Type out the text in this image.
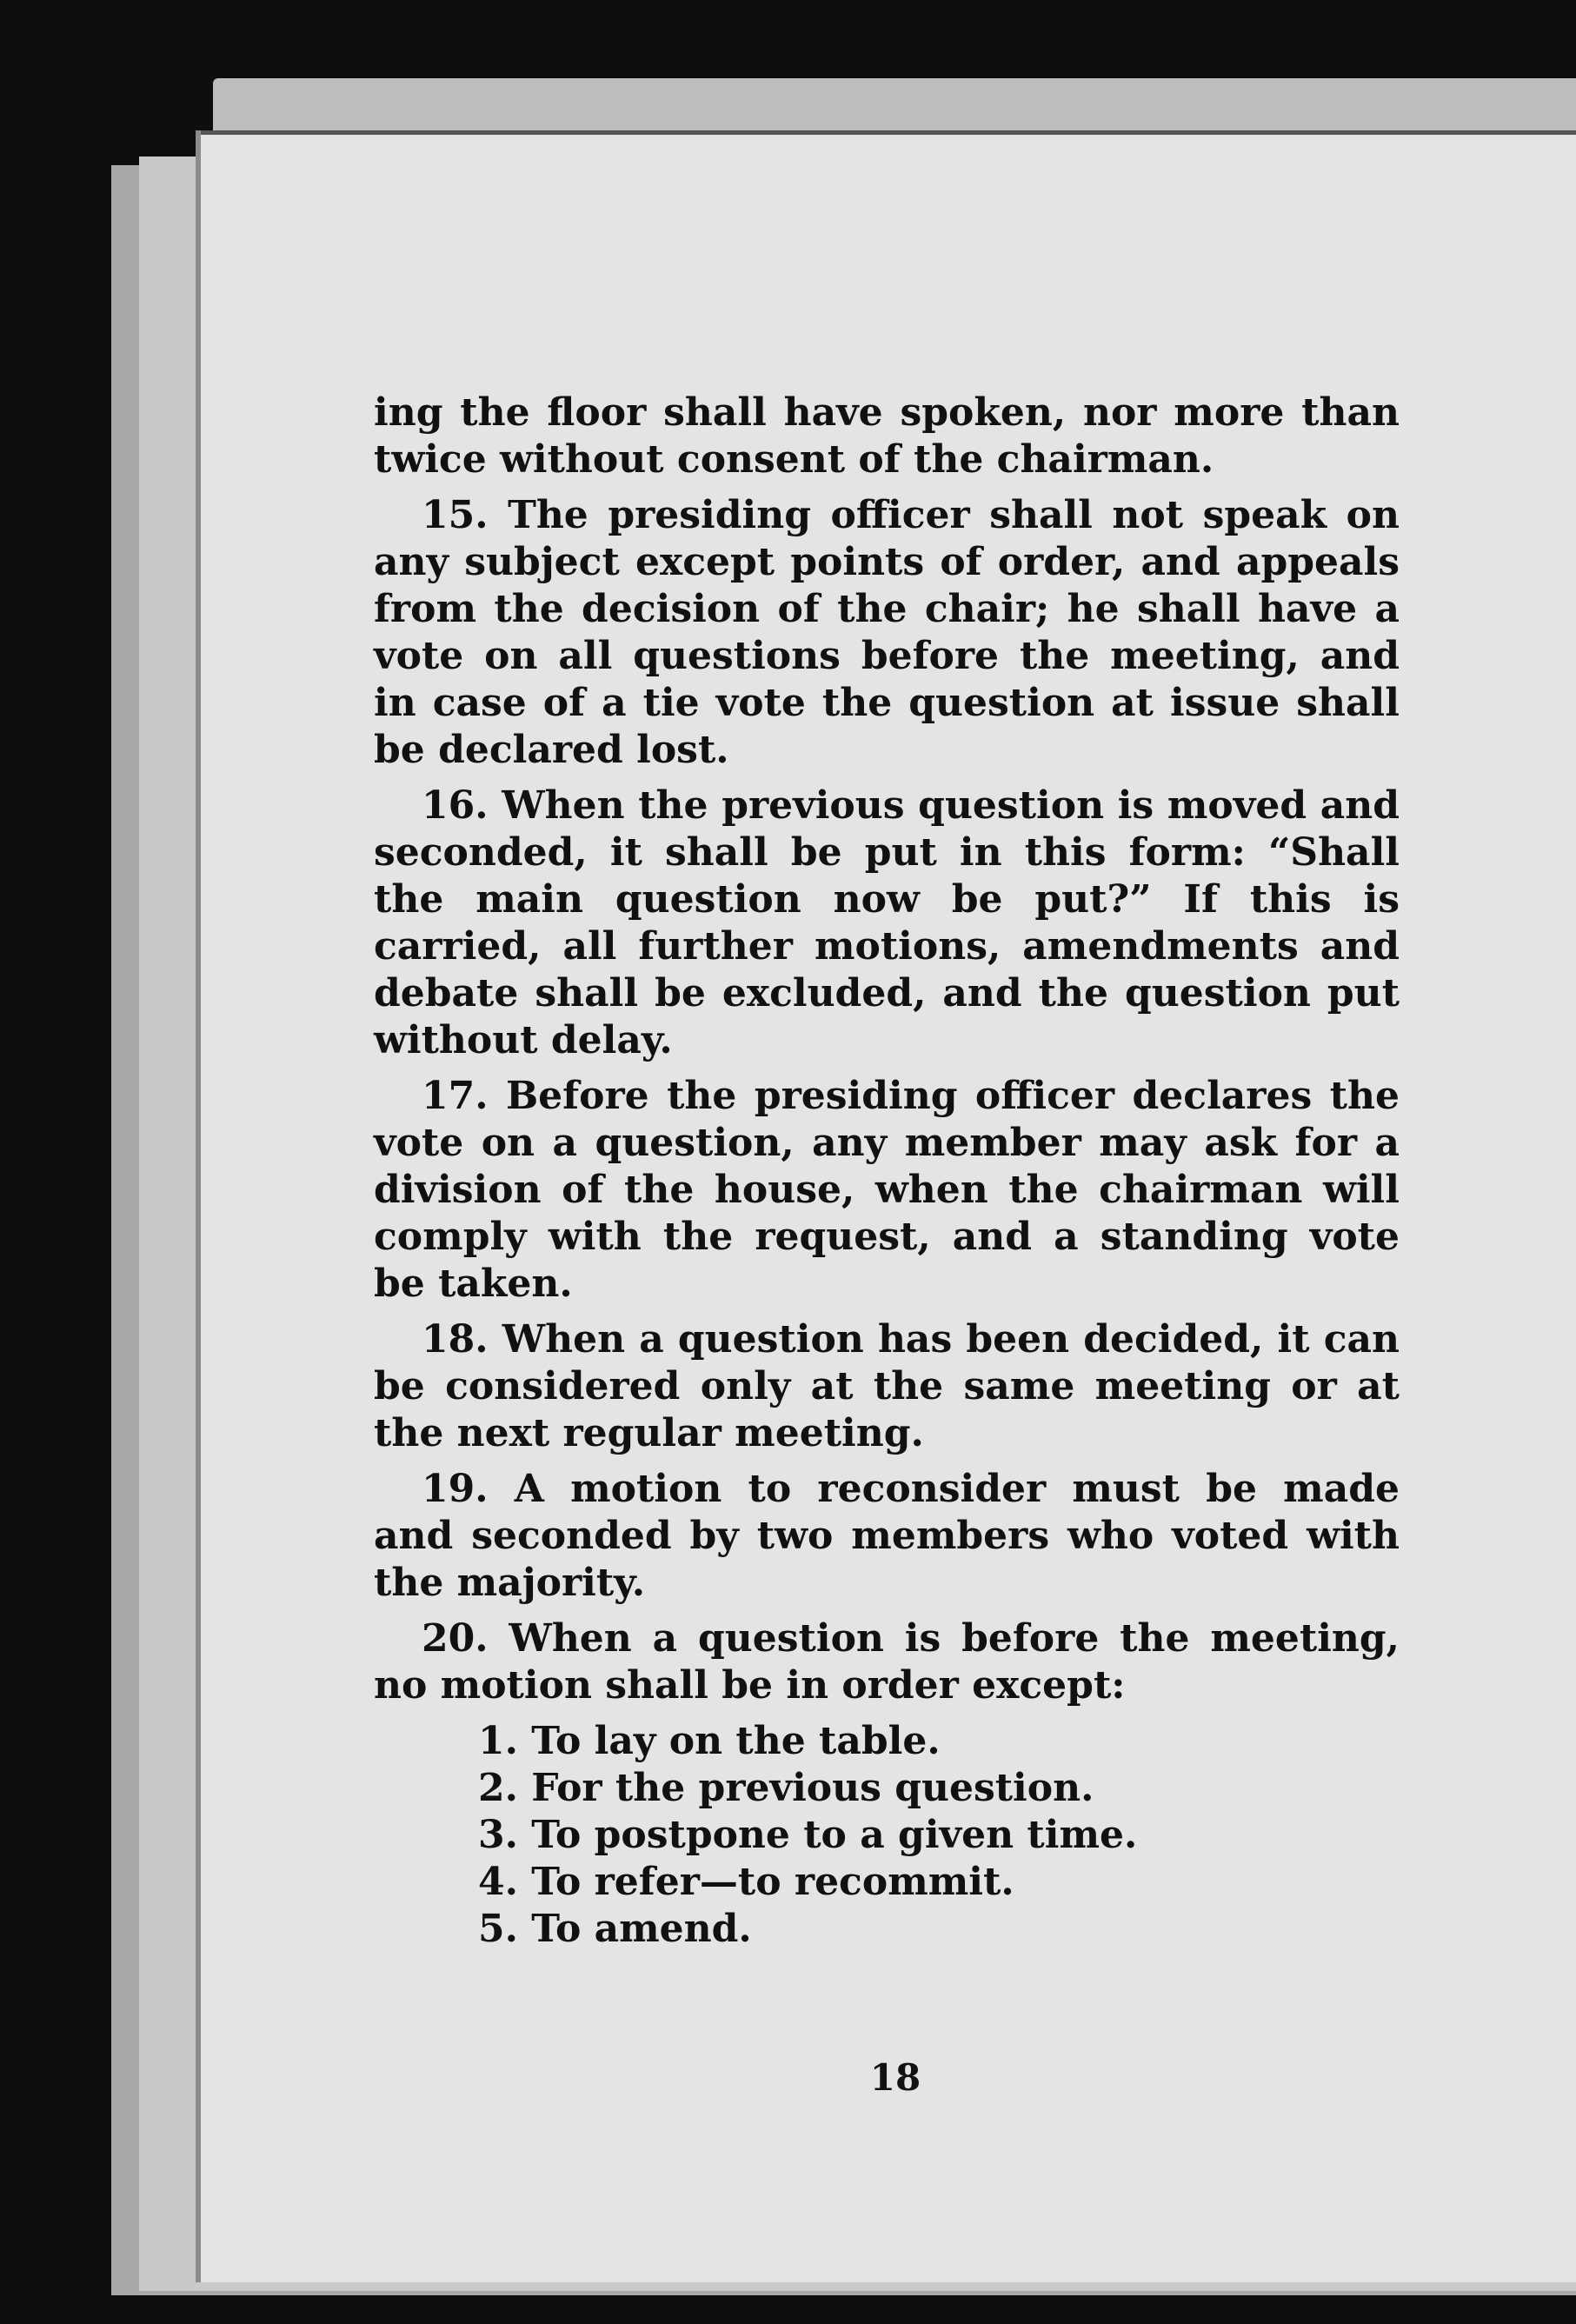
ing the floor shall have spoken, nor more than twice without consent of the chairman.

15. The presiding officer shall not speak on any subject except points of order, and appeals from the decision of the chair; he shall have a vote on all questions before the meeting, and in case of a tie vote the question at issue shall be declared lost.

16. When the previous question is moved and seconded, it shall be put in this form: “Shall the main question now be put?” If this is carried, all further motions, amendments and debate shall be excluded, and the question put without delay.

17. Before the presiding officer declares the vote on a question, any member may ask for a division of the house, when the chairman will comply with the request, and a standing vote be taken.

18. When a question has been decided, it can be considered only at the same meeting or at the next regular meeting.

19. A motion to reconsider must be made and seconded by two members who voted with the majority.

20. When a question is before the meeting, no motion shall be in order except:

1. To lay on the table.
2. For the previous question.
3. To postpone to a given time.
4. To refer—to recommit.
5. To amend.
18
